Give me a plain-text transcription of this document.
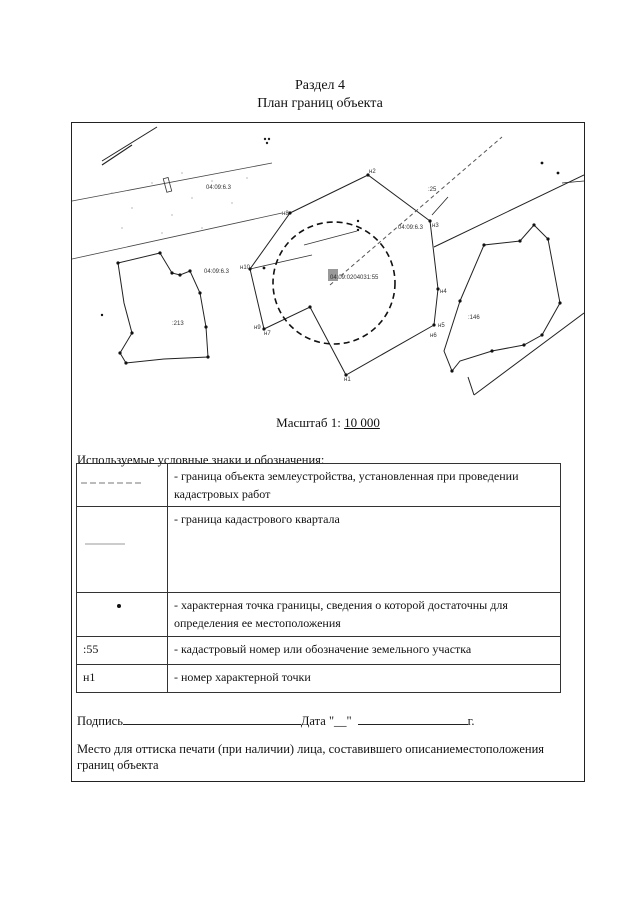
Раздел 4
План границ объекта
04:09:6.3
:213
04:09:0204031:55
04:09:6.3
04:09:6.3
н1
н2
н3
н4
н5
н6
н7
н8
н9
н10
:25
:146
Масштаб 1: 10 000
Используемые условные знаки и обозначения:
	- граница объекта землеустройства, установленная при проведении кадастровых работ

	- граница кадастрового квартала

	- характерная точка границы, сведения о которой достаточны для определения ее местоположения
:55	- кадастровый номер или обозначение земельного участка
н1	- номер характерной точки
Подпись	Дата "__"	г.
Место для оттиска печати (при наличии) лица, составившего описаниеместоположения границ объекта
